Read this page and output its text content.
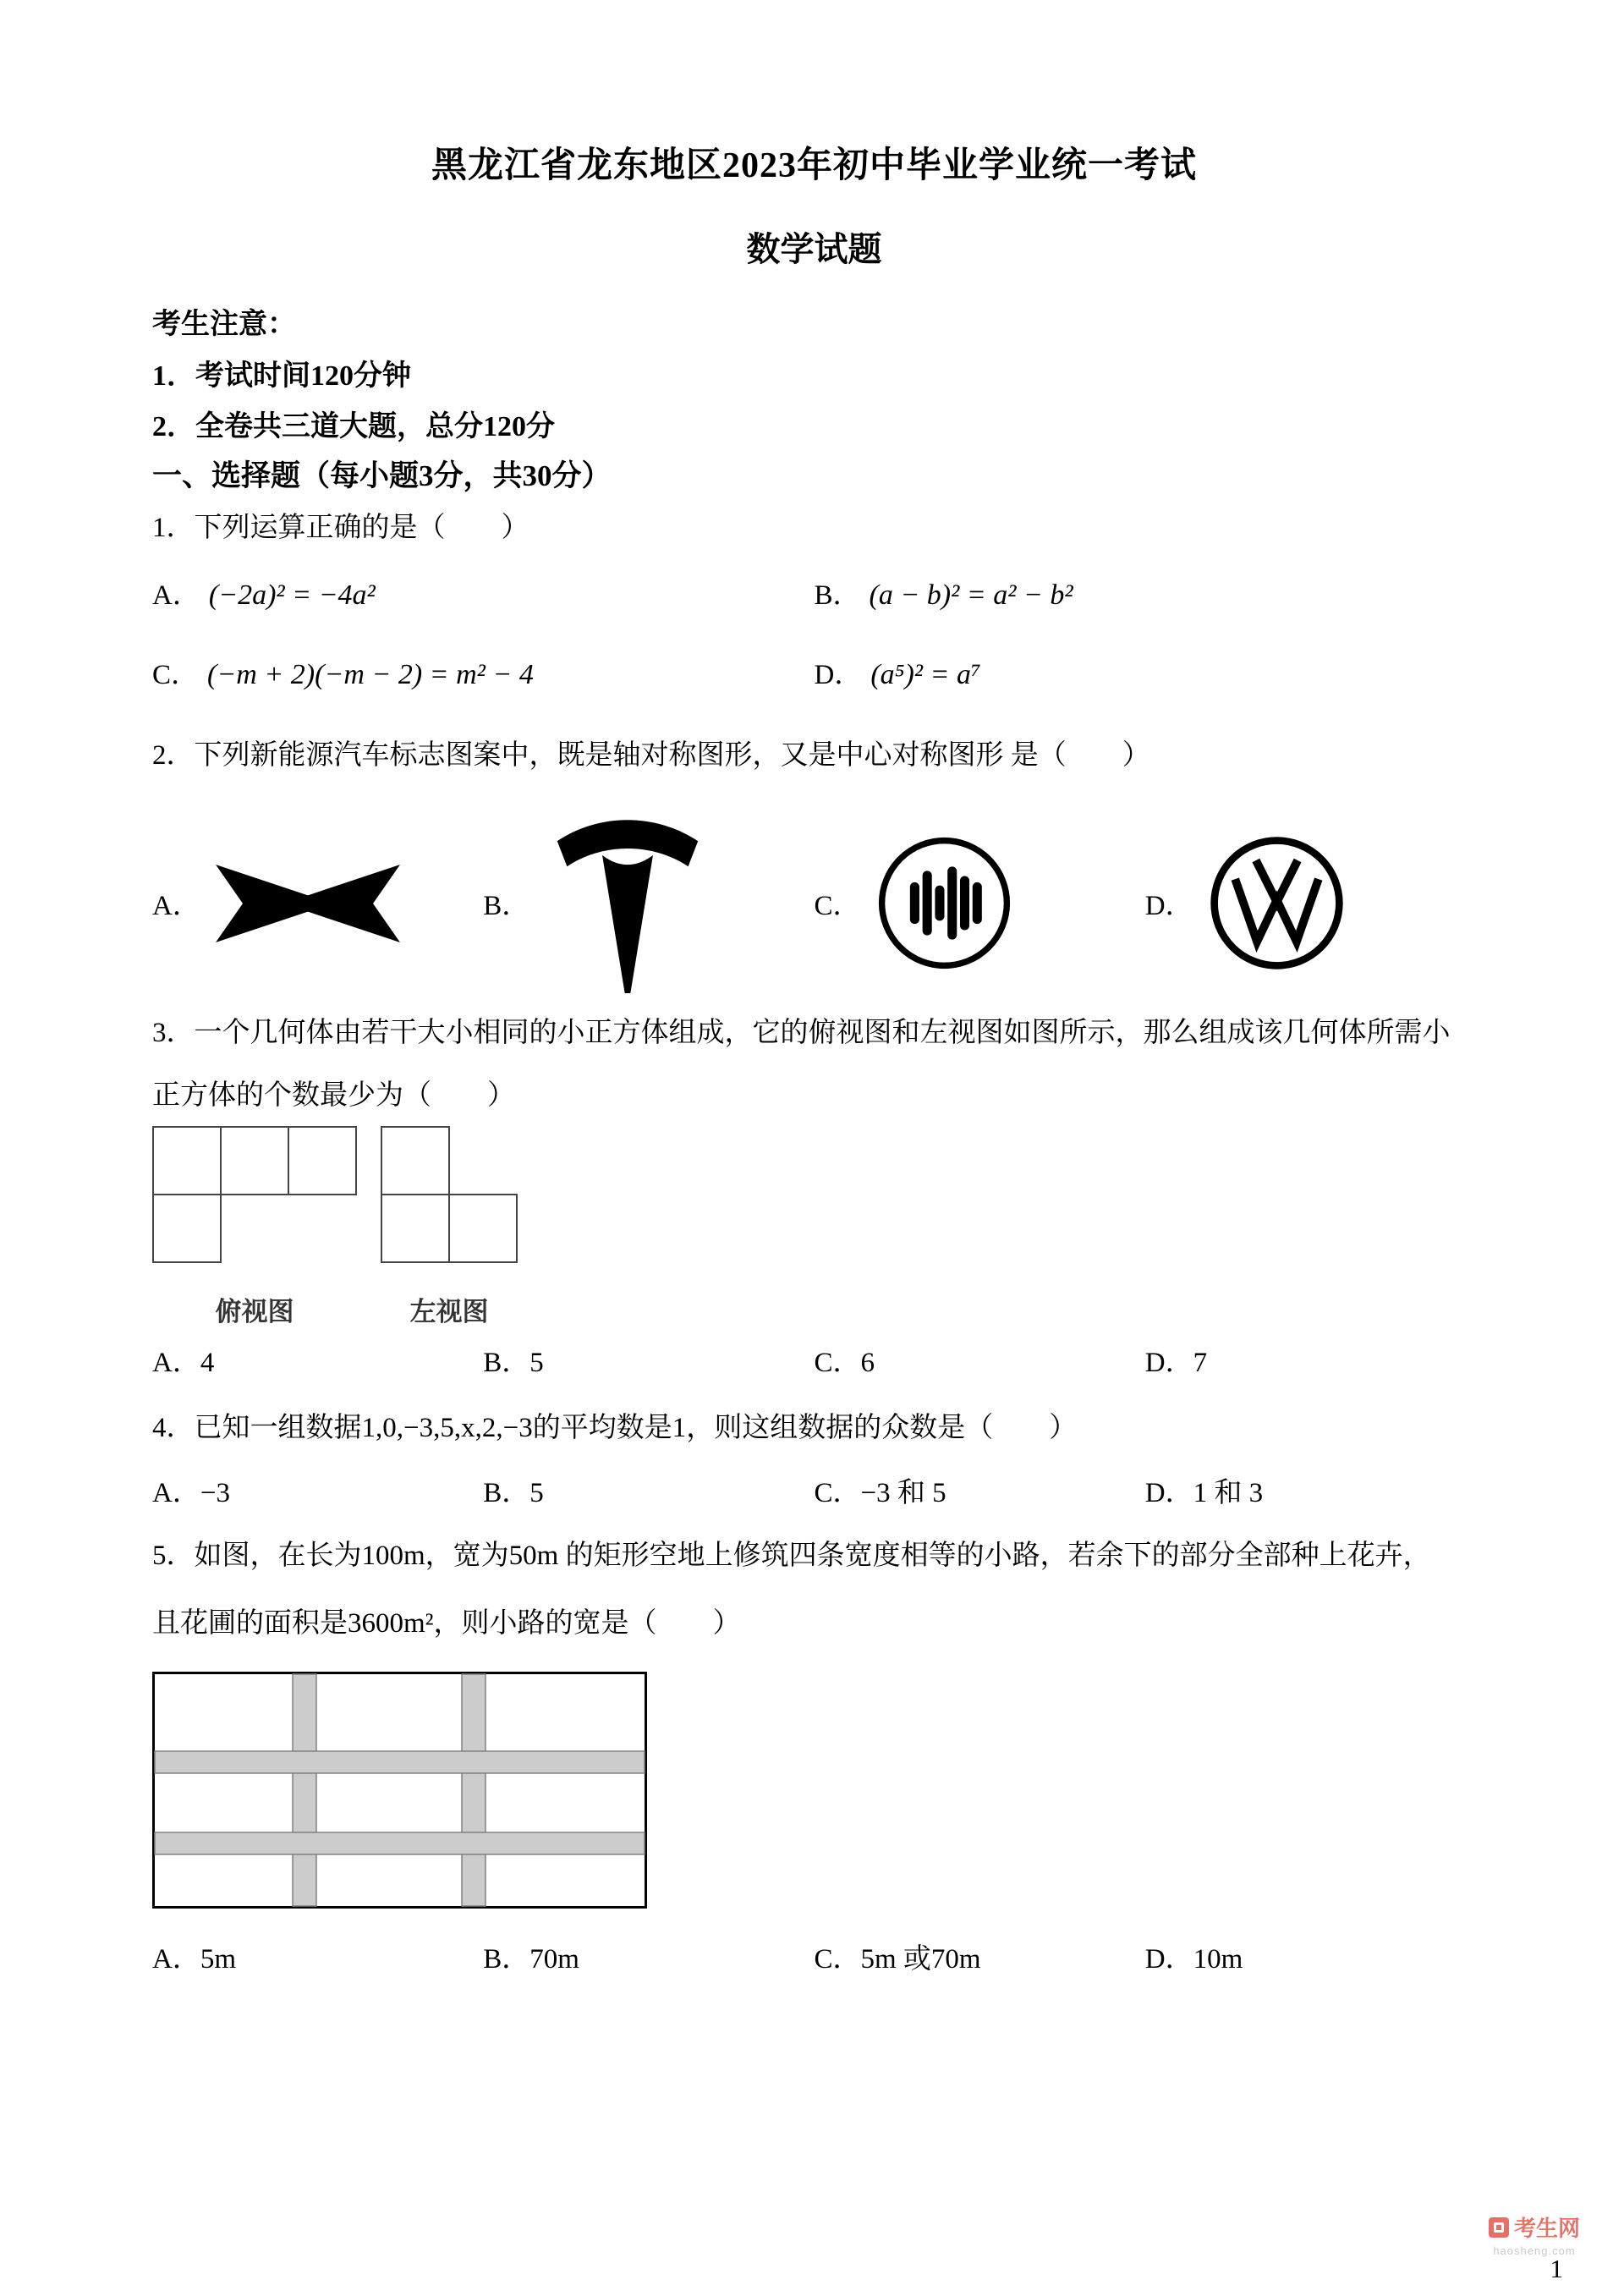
黑龙江省龙东地区2023年初中毕业学业统一考试
数学试题
考生注意：
1．考试时间120分钟
2．全卷共三道大题，总分120分
一、选择题（每小题3分，共30分）
1．下列运算正确的是（　　）
A． (−2a)² = −4a²	B． (a − b)² = a² − b²
C． (−m + 2)(−m − 2) = m² − 4	D． (a⁵)² = a⁷
2．下列新能源汽车标志图案中，既是轴对称图形，又是中心对称图形 是（　　）
A．	B．	C．	D．
3．一个几何体由若干大小相同的小正方体组成，它的俯视图和左视图如图所示，那么组成该几何体所需小
正方体的个数最少为（　　）
俯视图	左视图
A．4	B．5	C．6	D．7
4．已知一组数据1,0,−3,5,x,2,−3的平均数是1，则这组数据的众数是（　　）
A．−3	B．5	C．−3 和 5	D．1 和 3
5．如图，在长为100m，宽为50m 的矩形空地上修筑四条宽度相等的小路，若余下的部分全部种上花卉，
且花圃的面积是3600m²，则小路的宽是（　　）
A．5m	B．70m	C．5m 或70m	D．10m
考生网
haosheng.com
1
